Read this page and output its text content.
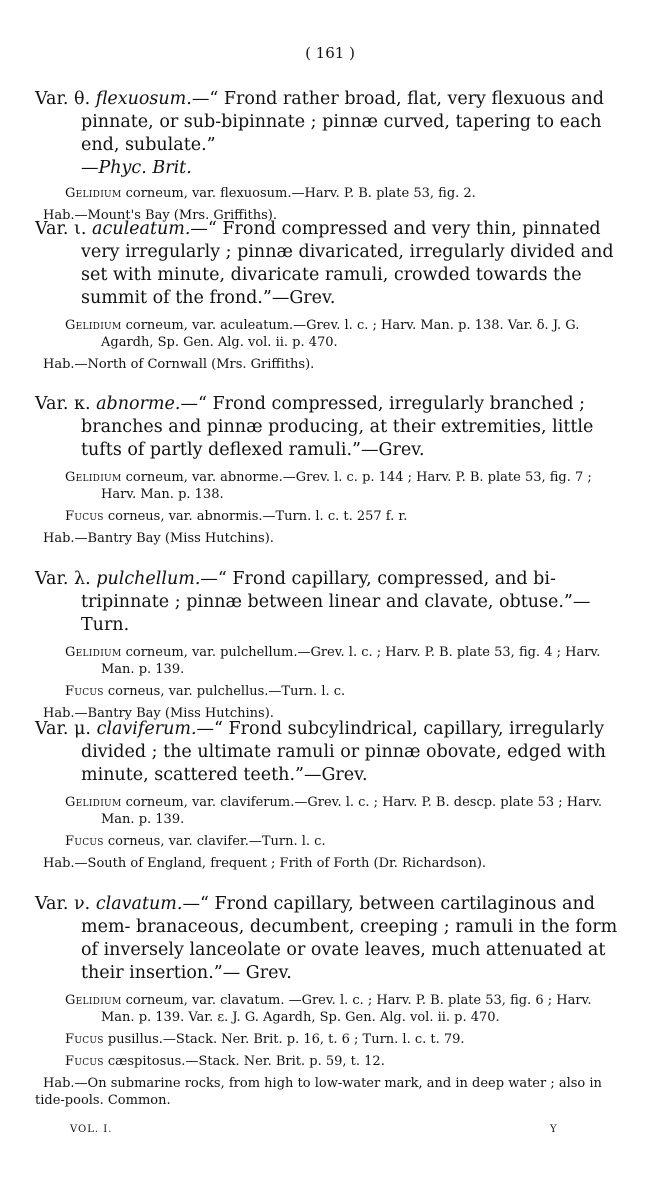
( 161 )

Var. θ. flexuosum.—“ Frond rather broad, flat, very flexuous and pinnate, or sub-bipinnate ; pinnæ curved, tapering to each end, subulate.”
—Phyc. Brit.

Gelidium corneum, var. flexuosum.—Harv. P. B. plate 53, fig. 2.

Hab.—Mount's Bay (Mrs. Griffiths).

Var. ι. aculeatum.—“ Frond compressed and very thin, pinnated very irregularly ; pinnæ divaricated, irregularly divided and set with minute, divaricate ramuli, crowded towards the summit of the frond.”—Grev.

Gelidium corneum, var. aculeatum.—Grev. l. c. ; Harv. Man. p. 138. Var. δ. J. G. Agardh, Sp. Gen. Alg. vol. ii. p. 470.

Hab.—North of Cornwall (Mrs. Griffiths).

Var. κ. abnorme.—“ Frond compressed, irregularly branched ; branches and pinnæ producing, at their extremities, little tufts of partly deflexed ramuli.”—Grev.

Gelidium corneum, var. abnorme.—Grev. l. c. p. 144 ; Harv. P. B. plate 53, fig. 7 ; Harv. Man. p. 138.

Fucus corneus, var. abnormis.—Turn. l. c. t. 257 f. r.

Hab.—Bantry Bay (Miss Hutchins).

Var. λ. pulchellum.—“ Frond capillary, compressed, and bi-tripinnate ; pinnæ between linear and clavate, obtuse.”—Turn.

Gelidium corneum, var. pulchellum.—Grev. l. c. ; Harv. P. B. plate 53, fig. 4 ; Harv. Man. p. 139.

Fucus corneus, var. pulchellus.—Turn. l. c.

Hab.—Bantry Bay (Miss Hutchins).

Var. μ. claviferum.—“ Frond subcylindrical, capillary, irregularly divided ; the ultimate ramuli or pinnæ obovate, edged with minute, scattered teeth.”—Grev.

Gelidium corneum, var. claviferum.—Grev. l. c. ; Harv. P. B. descp. plate 53 ; Harv. Man. p. 139.

Fucus corneus, var. clavifer.—Turn. l. c.

Hab.—South of England, frequent ; Frith of Forth (Dr. Richardson).

Var. ν. clavatum.—“ Frond capillary, between cartilaginous and mem- branaceous, decumbent, creeping ; ramuli in the form of inversely lanceolate or ovate leaves, much attenuated at their insertion.”— Grev.

Gelidium corneum, var. clavatum. —Grev. l. c. ; Harv. P. B. plate 53, fig. 6 ; Harv. Man. p. 139. Var. ε. J. G. Agardh, Sp. Gen. Alg. vol. ii. p. 470.

Fucus pusillus.—Stack. Ner. Brit. p. 16, t. 6 ; Turn. l. c. t. 79.

Fucus cæspitosus.—Stack. Ner. Brit. p. 59, t. 12.

Hab.—On submarine rocks, from high to low-water mark, and in deep water ; also in tide-pools. Common.

VOL. I.	Y
